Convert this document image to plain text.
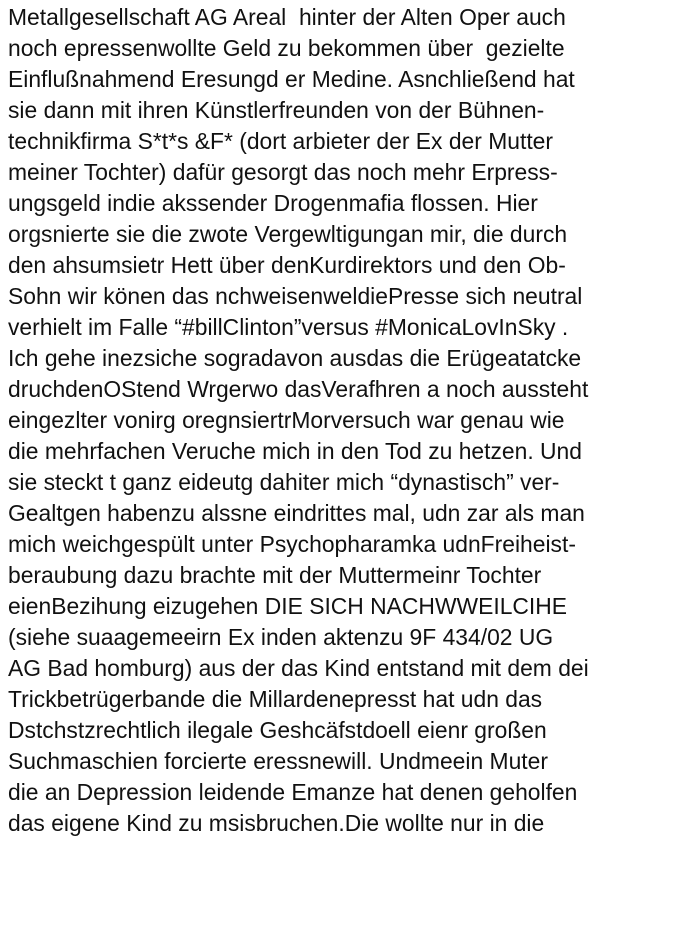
Metallgesellschaft AG Areal  hinter der Alten Oper auch
noch epressenwollte Geld zu bekommen über  gezielte
Einflußnahmend Eresungd er Medine. Asnchließend hat
sie dann mit ihren Künstlerfreunden von der Bühnen-
technikfirma S*t*s &F* (dort arbieter der Ex der Mutter
meiner Tochter) dafür gesorgt das noch mehr Erpress-
ungsgeld indie akssender Drogenmafia flossen. Hier
orgsnierte sie die zwote Vergewltigungan mir, die durch
den ahsumsietr Hett über denKurdirektors und den Ob-
Sohn wir könen das nchweisenweldiePresse sich neutral
verhielt im Falle “#billClinton”versus #MonicaLovInSky .
Ich gehe inezsiche sogradavon ausdas die Erügeatatcke
druchdenOStend Wrgerwo dasVerafhren a noch aussteht
eingezlter vonirg oregnsiertrMorversuch war genau wie
die mehrfachen Veruche mich in den Tod zu hetzen. Und
sie steckt t ganz eideutg dahiter mich “dynastisch” ver-
Gealtgen habenzu alssne eindrittes mal, udn zar als man
mich weichgespült unter Psychopharamka udnFreiheist-
beraubung dazu brachte mit der Muttermeinr Tochter
eienBezihung eizugehen DIE SICH NACHWWEILCIHE
(siehe suaagemeeirn Ex inden aktenzu 9F 434/02 UG
AG Bad homburg) aus der das Kind entstand mit dem dei
Trickbetrügerbande die Millardenepresst hat udn das
Dstchstzrechtlich ilegale Geshcäfstdoell eienr großen
Suchmaschien forcierte eressnewill. Undmeein Muter
die an Depression leidende Emanze hat denen geholfen
das eigene Kind zu msisbruchen.Die wollte nur in die
